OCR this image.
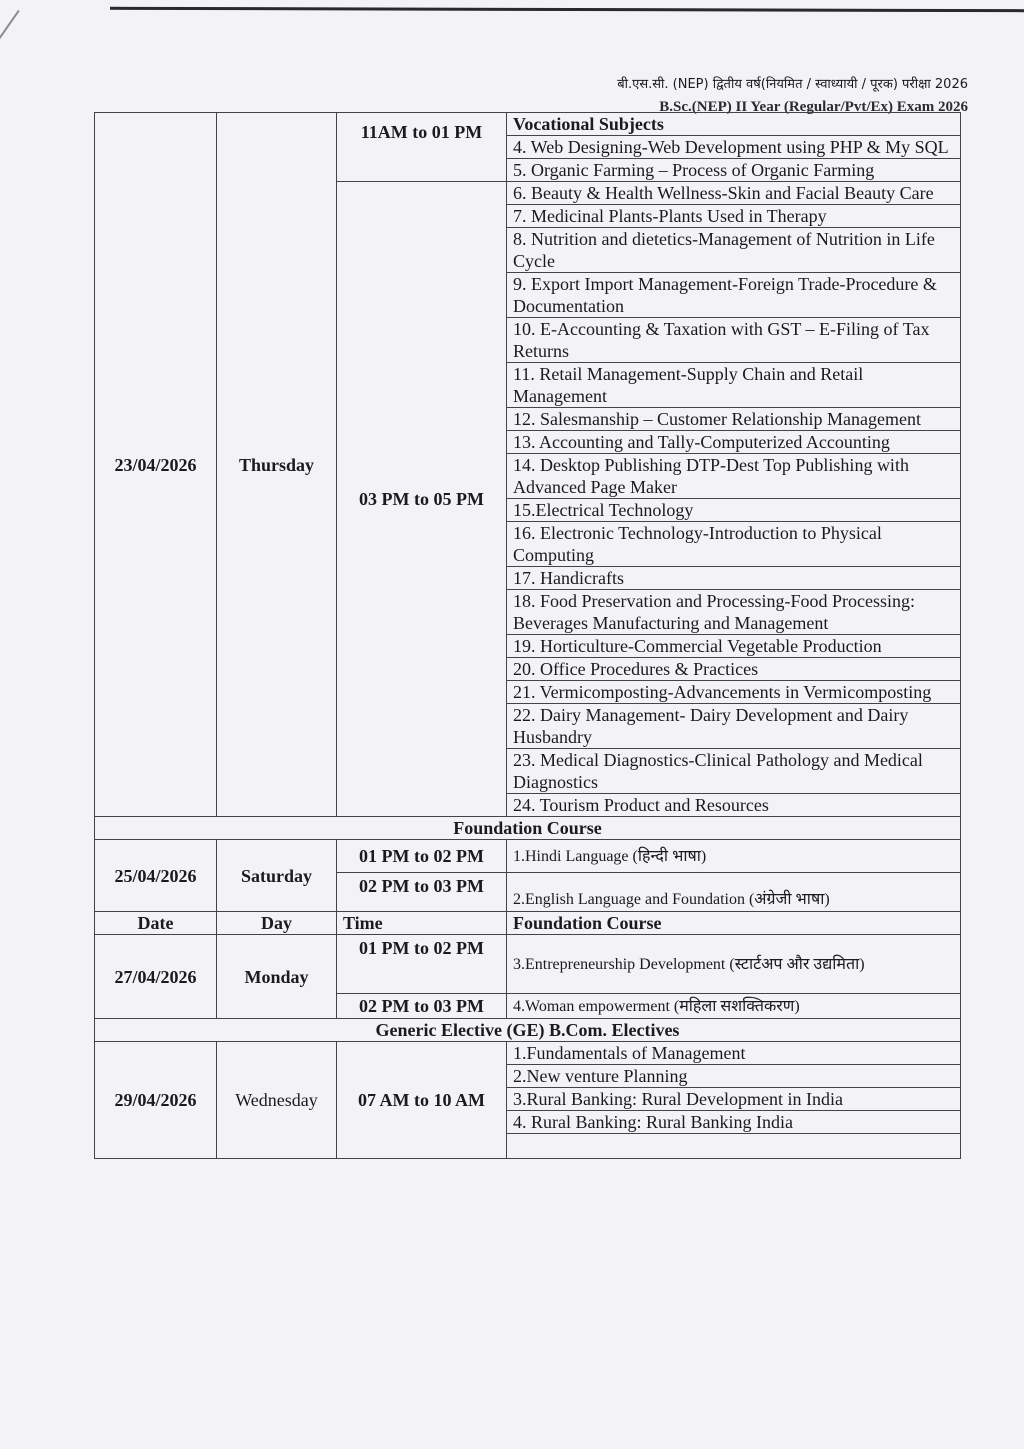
बी.एस.सी. (NEP) द्वितीय वर्ष(नियमित / स्वाध्यायी / पूरक) परीक्षा 2026
B.Sc.(NEP) II Year (Regular/Pvt/Ex) Exam 2026
23/04/2026	Thursday	11AM to 01 PM	Vocational Subjects
			4. Web Designing-Web Development using PHP & My SQL
			5. Organic Farming – Process of Organic Farming
		03 PM to 05 PM	6. Beauty & Health Wellness-Skin and Facial Beauty Care
			7. Medicinal Plants-Plants Used in Therapy
			8. Nutrition and dietetics-Management of Nutrition in Life Cycle
			9. Export Import Management-Foreign Trade-Procedure & Documentation
			10. E-Accounting & Taxation with GST – E-Filing of Tax Returns
			11. Retail Management-Supply Chain and Retail Management
			12. Salesmanship – Customer Relationship Management
			13. Accounting and Tally-Computerized Accounting
			14. Desktop Publishing DTP-Dest Top Publishing with Advanced Page Maker
			15.Electrical Technology
			16. Electronic Technology-Introduction to Physical Computing
			17. Handicrafts
			18. Food Preservation and Processing-Food Processing: Beverages Manufacturing and Management
			19. Horticulture-Commercial Vegetable Production
			20. Office Procedures & Practices
			21. Vermicomposting-Advancements in Vermicomposting
			22. Dairy Management- Dairy Development and Dairy Husbandry
			23. Medical Diagnostics-Clinical Pathology and Medical Diagnostics
			24. Tourism Product and Resources
Foundation Course			
25/04/2026	Saturday	01 PM to 02 PM	1.Hindi Language (हिन्दी भाषा)
		02 PM to 03 PM	2.English Language and Foundation (अंग्रेजी भाषा)
Date	Day	Time	Foundation Course
27/04/2026	Monday	01 PM to 02 PM	3.Entrepreneurship Development (स्टार्टअप और उद्यमिता)
		02 PM to 03 PM	4.Woman empowerment (महिला सशक्तिकरण)
Generic Elective (GE) B.Com. Electives			
29/04/2026	Wednesday	07 AM to 10 AM	1.Fundamentals of Management
			2.New venture Planning
			3.Rural Banking: Rural Development in India
			4. Rural Banking: Rural Banking India
